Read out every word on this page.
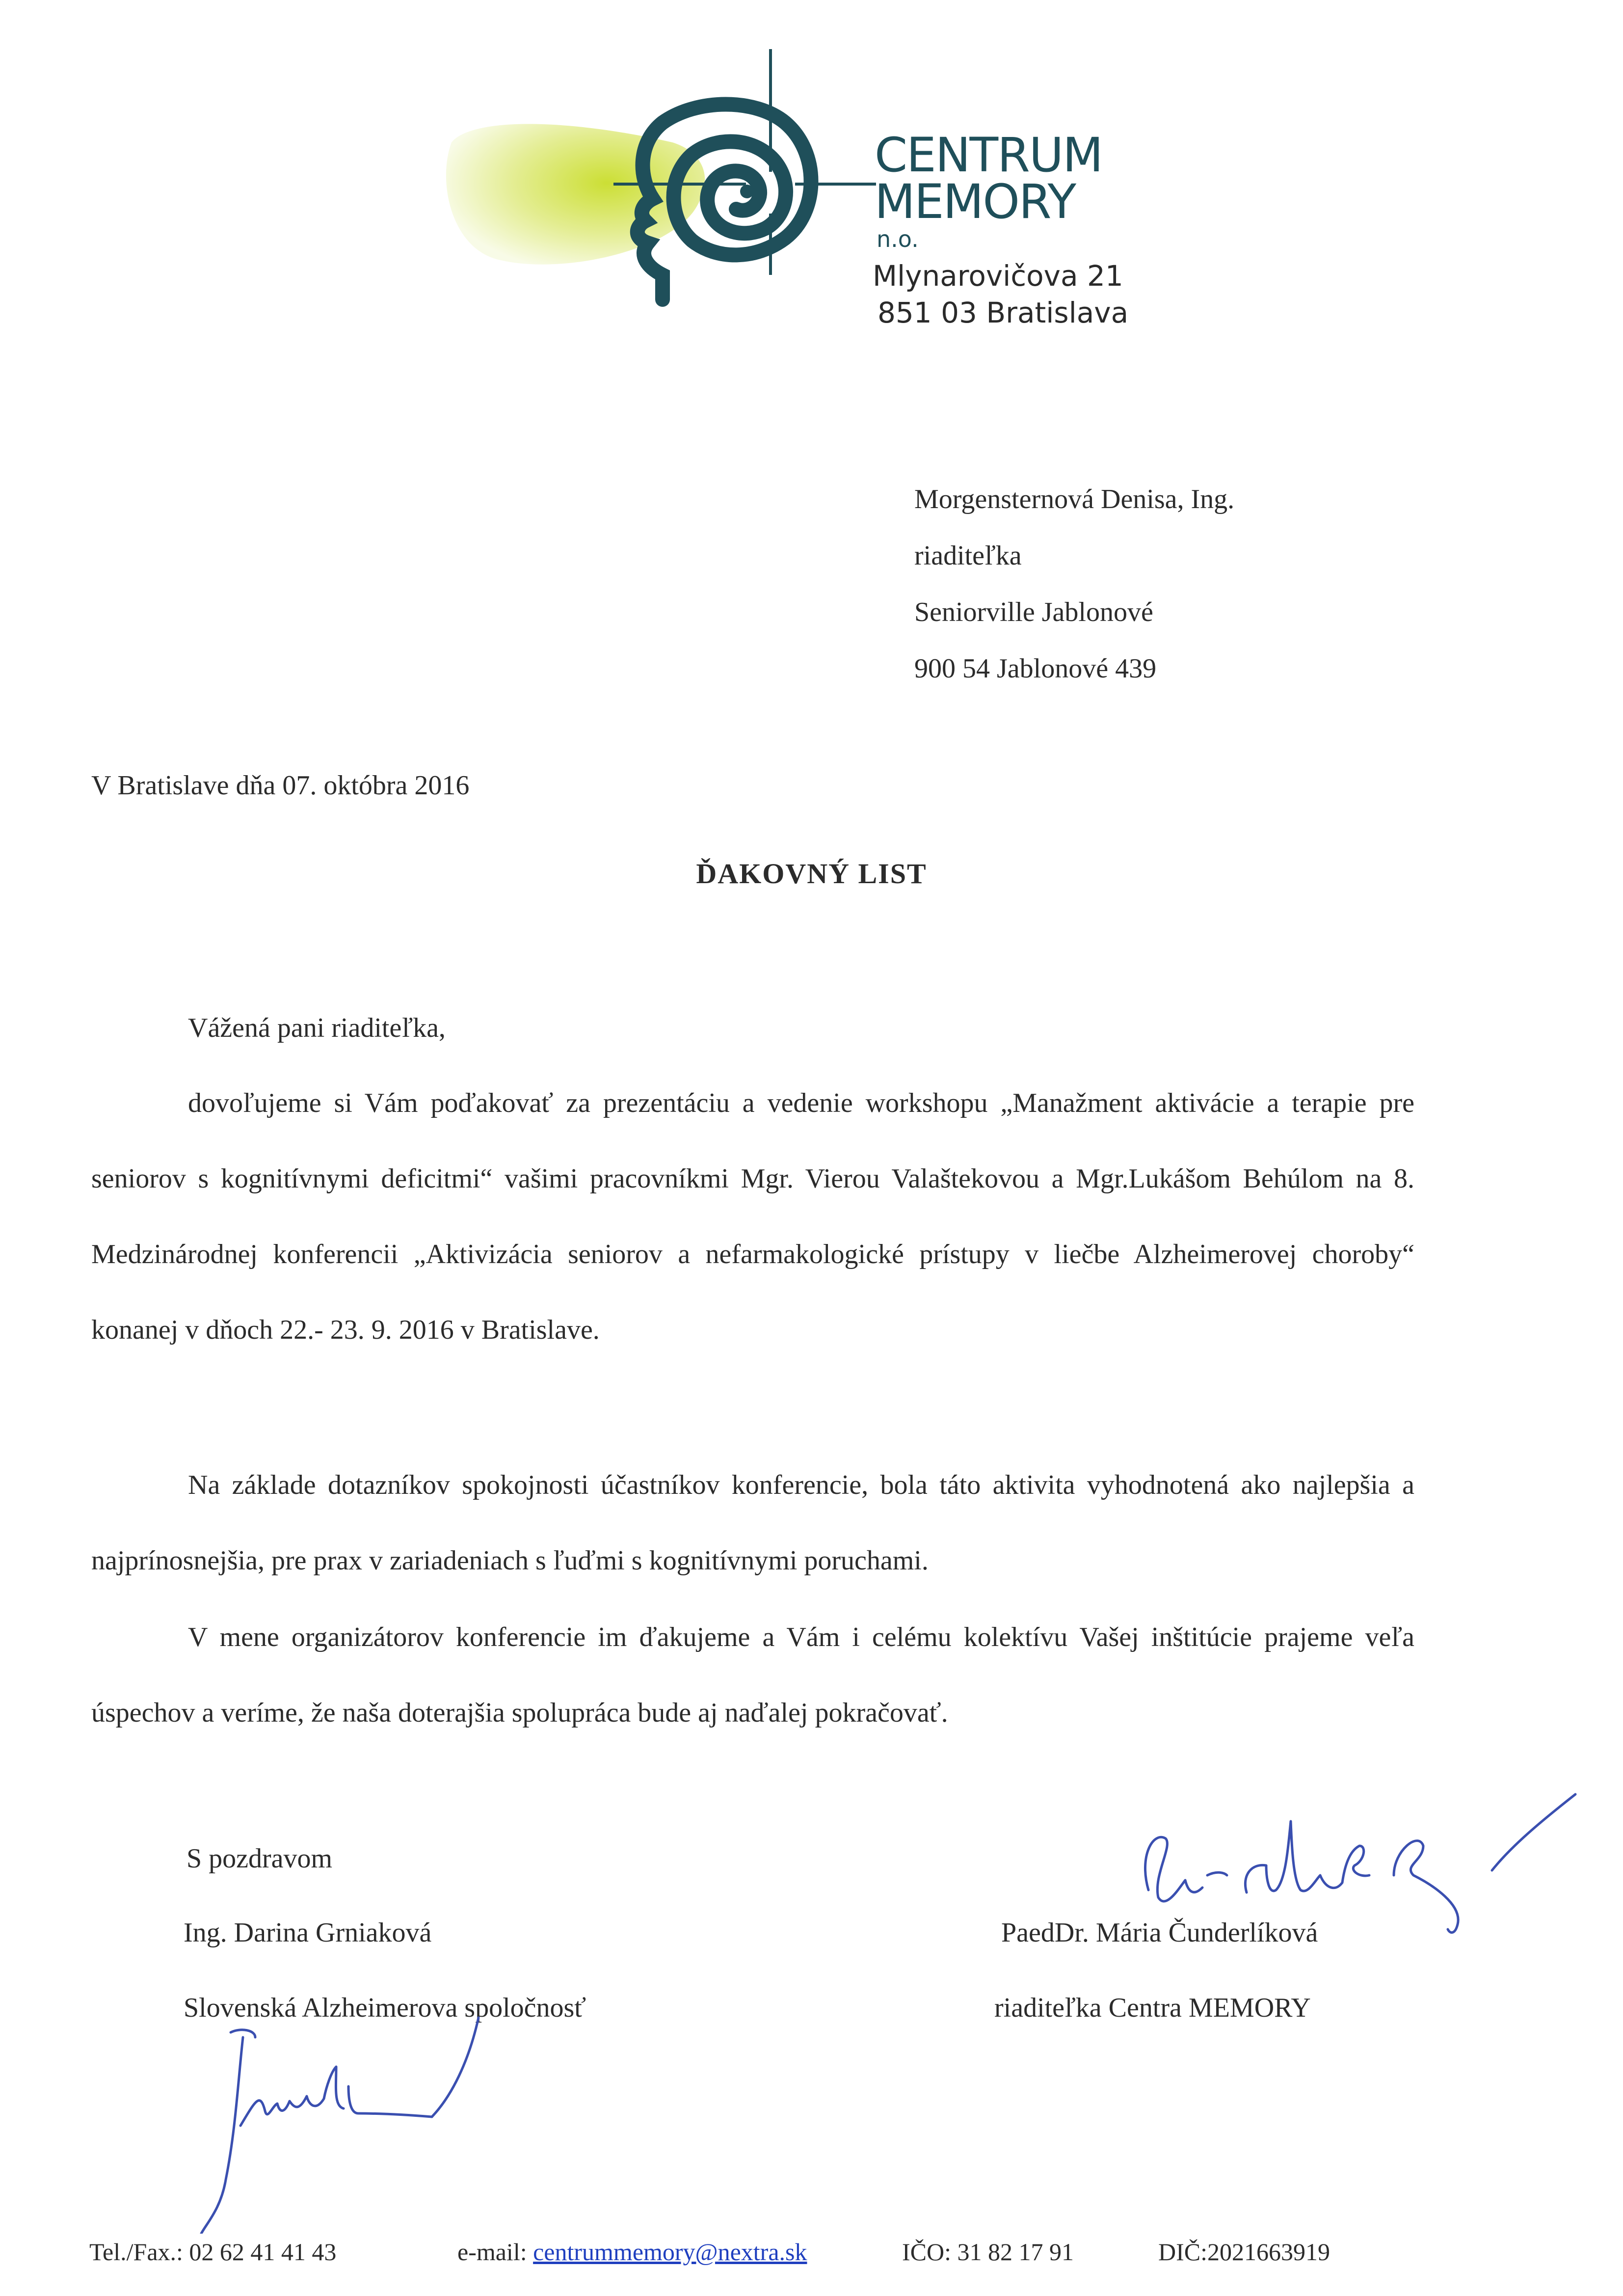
CENTRUM
MEMORY
n.o.
Mlynarovičova 21
851 03 Bratislava
Morgensternová Denisa, Ing.
riaditeľka
Seniorville Jablonové
900 54 Jablonové 439
V Bratislave dňa 07. októbra 2016
ĎAKOVNÝ LIST
Vážená pani riaditeľka,

dovoľujeme si Vám poďakovať za prezentáciu a vedenie workshopu „Manažment aktivácie a terapie pre seniorov s kognitívnymi deficitmi“ vašimi pracovníkmi Mgr. Vierou Valaštekovou a Mgr.Lukášom Behúlom na 8. Medzinárodnej konferencii „Aktivizácia seniorov a nefarmakologické prístupy v liečbe Alzheimerovej choroby“ konanej v dňoch 22.- 23. 9. 2016 v Bratislave.

Na základe dotazníkov spokojnosti účastníkov konferencie, bola táto aktivita vyhodnotená ako najlepšia a najprínosnejšia, pre prax v zariadeniach s ľuďmi s kognitívnymi poruchami.

V mene organizátorov konferencie im ďakujeme a Vám i celému kolektívu Vašej inštitúcie prajeme veľa úspechov a veríme, že naša doterajšia spolupráca bude aj naďalej pokračovať.

S pozdravom
Ing. Darina Grniaková
Slovenská Alzheimerova spoločnosť
PaedDr. Mária Čunderlíková
riaditeľka Centra MEMORY
Tel./Fax.: 02 62 41 41 43	e-mail: centrummemory@nextra.sk	IČO: 31 82 17 91	DIČ:2021663919
